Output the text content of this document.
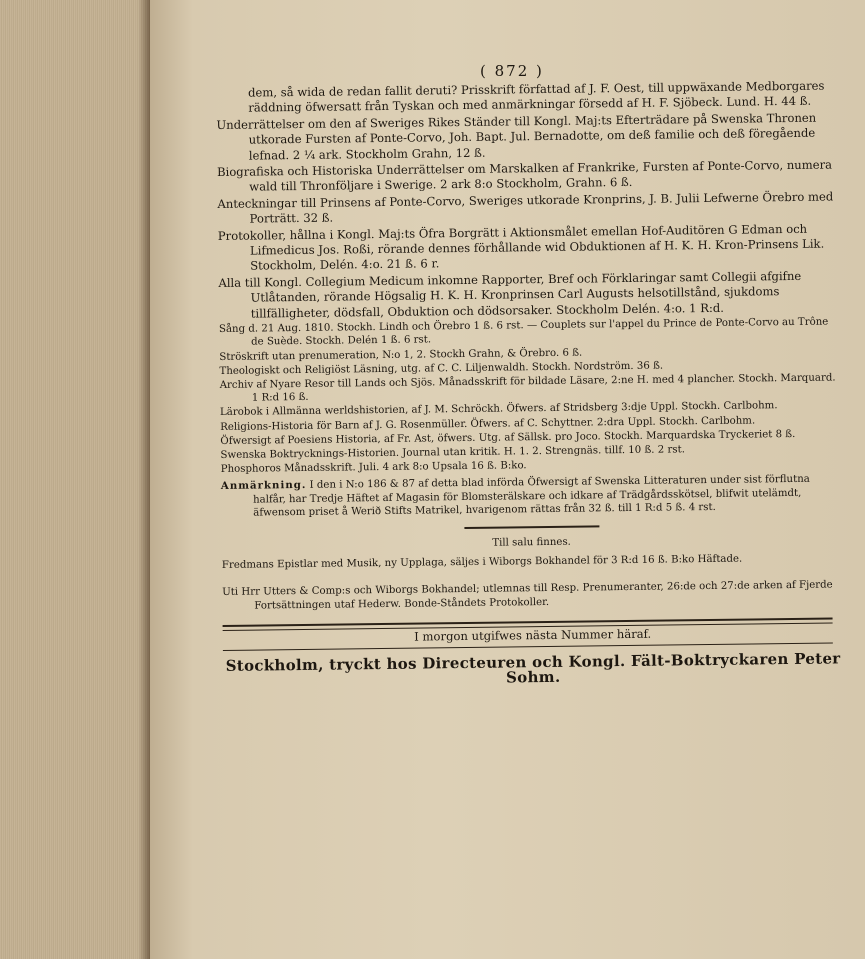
( 872 )
dem, så wida de redan fallit deruti? Prisskrift författad af J. F. Oest, till uppwäxande Medborgares räddning öfwersatt från Tyskan och med anmärkningar försedd af H. F. Sjöbeck. Lund. H. 44 ß.
Underrättelser om den af Sweriges Rikes Ständer till Kongl. Maj:ts Efterträdare på Swenska Thronen utkorade Fursten af Ponte-Corvo, Joh. Bapt. Jul. Bernadotte, om deß familie och deß föregående lefnad. 2 ¼ ark. Stockholm Grahn, 12 ß.
Biografiska och Historiska Underrättelser om Marskalken af Frankrike, Fursten af Ponte-Corvo, numera wald till Thronföljare i Swerige. 2 ark 8:o Stockholm, Grahn. 6 ß.
Anteckningar till Prinsens af Ponte-Corvo, Sweriges utkorade Kronprins, J. B. Julii Lefwerne Örebro med Porträtt. 32 ß.
Protokoller, hållna i Kongl. Maj:ts Öfra Borgrätt i Aktionsmålet emellan Hof-Auditören G Edman och Lifmedicus Jos. Roßi, rörande dennes förhållande wid Obduktionen af H. K. H. Kron-Prinsens Lik. Stockholm, Delén. 4:o. 21 ß. 6 r.
Alla till Kongl. Collegium Medicum inkomne Rapporter, Bref och Förklaringar samt Collegii afgifne Utlåtanden, rörande Högsalig H. K. H. Kronprinsen Carl Augusts helsotillstånd, sjukdoms tillfälligheter, dödsfall, Obduktion och dödsorsaker. Stockholm Delén. 4:o. 1 R:d.
Sång d. 21 Aug. 1810. Stockh. Lindh och Örebro 1 ß. 6 rst. — Couplets sur l'appel du Prince de Ponte-Corvo au Trône de Suède. Stockh. Delén 1 ß. 6 rst.
Ströskrift utan prenumeration, N:o 1, 2. Stockh Grahn, & Örebro. 6 ß.
Theologiskt och Religiöst Läsning, utg. af C. C. Liljenwaldh. Stockh. Nordström. 36 ß.
Archiv af Nyare Resor till Lands och Sjös. Månadsskrift för bildade Läsare, 2:ne H. med 4 plancher. Stockh. Marquard. 1 R:d 16 ß.
Lärobok i Allmänna werldshistorien, af J. M. Schröckh. Öfwers. af Stridsberg 3:dje Uppl. Stockh. Carlbohm.
Religions-Historia för Barn af J. G. Rosenmüller. Öfwers. af C. Schyttner. 2:dra Uppl. Stockh. Carlbohm.
Öfwersigt af Poesiens Historia, af Fr. Ast, öfwers. Utg. af Sällsk. pro Joco. Stockh. Marquardska Tryckeriet 8 ß.
Swenska Boktrycknings-Historien. Journal utan kritik. H. 1. 2. Strengnäs. tillf. 10 ß. 2 rst.
Phosphoros Månadsskrift. Juli. 4 ark 8:o Upsala 16 ß. B:ko.
Anmärkning. I den i N:o 186 & 87 af detta blad införda Öfwersigt af Swenska Litteraturen under sist förflutna halfår, har Tredje Häftet af Magasin för Blomsterälskare och idkare af Trädgårdsskötsel, blifwit utelämdt, äfwensom priset å Werið Stifts Matrikel, hvarigenom rättas från 32 ß. till 1 R:d 5 ß. 4 rst.
Till salu finnes.
Fredmans Epistlar med Musik, ny Upplaga, säljes i Wiborgs Bokhandel för 3 R:d 16 ß. B:ko Häftade.
Uti Hrr Utters & Comp:s och Wiborgs Bokhandel; utlemnas till Resp. Prenumeranter, 26:de och 27:de arken af Fjerde Fortsättningen utaf Hederw. Bonde-Ståndets Protokoller.
I morgon utgifwes nästa Nummer häraf.
Stockholm, tryckt hos Directeuren och Kongl. Fält-Boktryckaren Peter Sohm.
